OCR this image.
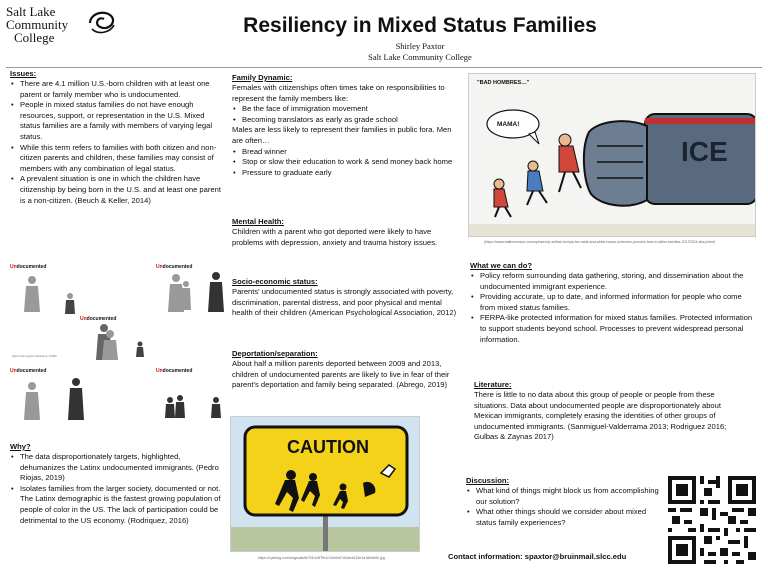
Salt Lake
Community
College
Resiliency in Mixed Status Families
Shirley Paxtor
Salt Lake Community College
Issues:
• There are 4.1 million U.S.-born children with at least one parent or family member who is undocumented.
• People in mixed status families do not have enough resources, support, or representation in the U.S. Mixed status families are a family with members of varying legal status.
• While this term refers to families with both citizen and non-citizen parents and children, these families may consist of members with any combination of legal status.
• A prevalent situation is one in which the children have citizenship by being born in the U.S. and at least one parent is a non-citizen. (Beuch & Keller, 2014)
Undocumented
Undocumented
Undocumented
Undocumented	Undocumented
https://doi.org/10.1111/sjop.12180
Why?
• The data disproportionately targets, highlighted, dehumanizes the Latinx undocumented immigrants. (Pedro Riojas, 2019)
• Isolates families from the larger society, documented or not. The Latinx demographic is the fastest growing population of people of color in the US. The lack of participation could be detrimental to the US economy. (Rodriquez, 2016)
Family Dynamic:
Females with citizenships often times take on responsibilities to represent the family members like:
• Be the face of immigration movement
• Becoming translators as early as grade school
Males are less likely to represent their families in public fora. Men are often…
• Bread winner
• Stop or slow their education to work & send money back home
• Pressure to graduate early
Mental Health:
Children with a parent who got deported were likely to have problems with depression, anxiety and trauma history issues.
Socio-economic status:
Parents' undocumented status is strongly associated with poverty, discrimination, parental distress, and poor physical and mental health of their children (American Psychological Association, 2012)
Deportation/separation:
About half a million parents deported between 2009 and 2013, children of undocumented parents are likely to live in fear of their parent's deportation and family being separated. (Abrego, 2019)
CAUTION
https://i.pinimg.com/originals/6f/7f/b1/6f7fb1c13e0e07d3ae4d15e1a16b9a92.jpg
"BAD HOMBRES…"
MAMA!
ICE
(https://www.baltimoresun.com/opinion/op-ed/bal-trumps-ice-raids-and-white-house-schemes-provoke-fear-in-latino-families-20170224-story.html)
What we can do?
• Policy reform surrounding data gathering, storing, and dissemination about the undocumented immigrant experience.
• Providing accurate, up to date, and informed information for people who come from mixed status families.
• FERPA-like protected information for mixed status families. Protected information to support students beyond school. Processes to prevent widespread personal information.
Literature:
There is little to no data about this group of people or people from these situations. Data about undocumented people are disproportionately about Mexican immigrants, completely erasing the identities of other groups of undocumented immigrants. (Sanmiguel-Valderrama 2013; Rodriguez 2016; Gulbas & Zaynas 2017)
Discussion:
• What kind of things might block us from accomplishing our solution?
• What other things should we consider about mixed status family experiences?
Contact information: spaxtor@bruinmail.slcc.edu
